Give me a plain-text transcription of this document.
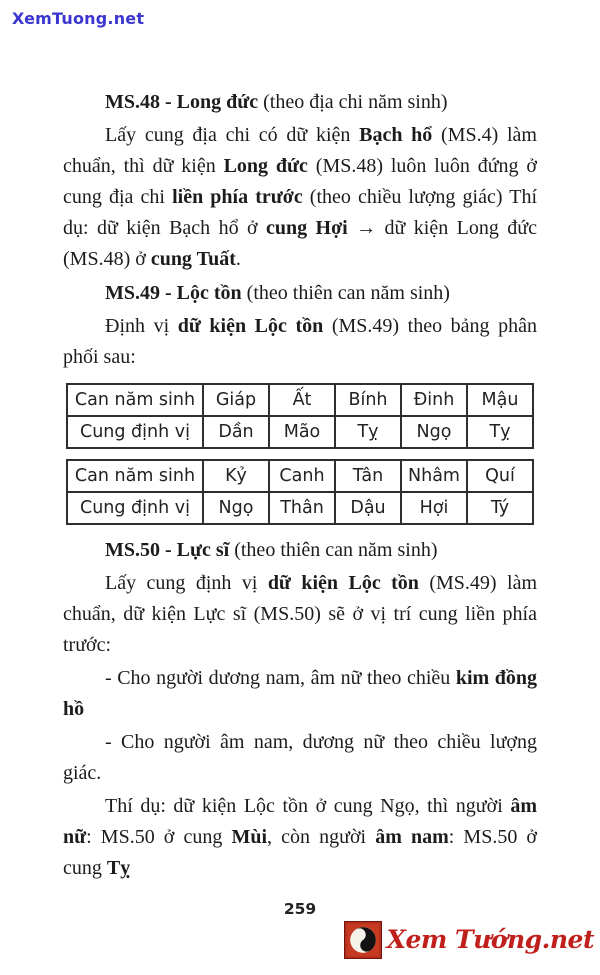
XemTuong.net

MS.48 - Long đức (theo địa chi năm sinh)

Lấy cung địa chi có dữ kiện Bạch hổ (MS.4) làm chuẩn, thì dữ kiện Long đức (MS.48) luôn luôn đứng ở cung địa chi liền phía trước (theo chiều lượng giác) Thí dụ: dữ kiện Bạch hổ ở cung Hợi → dữ kiện Long đức (MS.48) ở cung Tuất.

MS.49 - Lộc tồn (theo thiên can năm sinh)

Định vị dữ kiện Lộc tồn (MS.49) theo bảng phân phối sau:

Can năm sinh	Giáp	Ất	Bính	Đinh	Mậu
Cung định vị	Dần	Mão	Tỵ	Ngọ	Tỵ
Can năm sinh	Kỷ	Canh	Tân	Nhâm	Quí
Cung định vị	Ngọ	Thân	Dậu	Hợi	Tý

MS.50 - Lực sĩ (theo thiên can năm sinh)

Lấy cung định vị dữ kiện Lộc tồn (MS.49) làm chuẩn, dữ kiện Lực sĩ (MS.50) sẽ ở vị trí cung liền phía trước:

- Cho người dương nam, âm nữ theo chiều kim đồng hồ

- Cho người âm nam, dương nữ theo chiều lượng giác.

Thí dụ: dữ kiện Lộc tồn ở cung Ngọ, thì người âm nữ: MS.50 ở cung Mùi, còn người âm nam: MS.50 ở cung Tỵ

259
Xem Tướng.net
